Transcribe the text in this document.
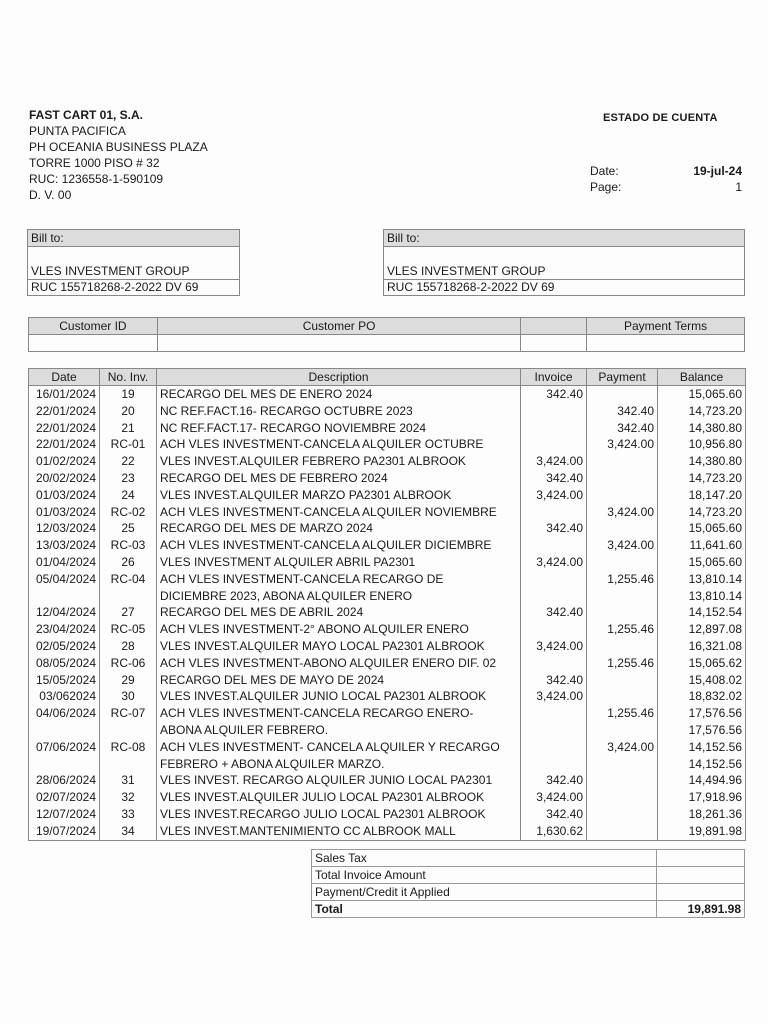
FAST CART 01, S.A.
PUNTA PACIFICA
PH OCEANIA BUSINESS PLAZA
TORRE 1000 PISO # 32
RUC: 1236558-1-590109
D. V. 00
ESTADO DE CUENTA
Date:	19-jul-24
Page:	1
Bill to:
VLES INVESTMENT GROUP
RUC 155718268-2-2022 DV 69
Bill to:
VLES INVESTMENT GROUP
RUC 155718268-2-2022 DV 69
Customer ID	Customer PO		Payment Terms

Date	No. Inv.	Description	Invoice	Payment	Balance
16/01/2024	19	RECARGO DEL MES DE ENERO 2024	342.40		15,065.60
22/01/2024	20	NC REF.FACT.16- RECARGO OCTUBRE 2023		342.40	14,723.20
22/01/2024	21	NC REF.FACT.17- RECARGO NOVIEMBRE 2024		342.40	14,380.80
22/01/2024	RC-01	ACH VLES INVESTMENT-CANCELA ALQUILER OCTUBRE		3,424.00	10,956.80
01/02/2024	22	VLES INVEST.ALQUILER FEBRERO PA2301 ALBROOK	3,424.00		14,380.80
20/02/2024	23	RECARGO DEL MES DE FEBRERO 2024	342.40		14,723.20
01/03/2024	24	VLES INVEST.ALQUILER MARZO PA2301 ALBROOK	3,424.00		18,147.20
01/03/2024	RC-02	ACH VLES INVESTMENT-CANCELA ALQUILER NOVIEMBRE		3,424.00	14,723.20
12/03/2024	25	RECARGO DEL MES DE MARZO 2024	342.40		15,065.60
13/03/2024	RC-03	ACH VLES INVESTMENT-CANCELA ALQUILER DICIEMBRE		3,424.00	11,641.60
01/04/2024	26	VLES INVESTMENT ALQUILER ABRIL PA2301	3,424.00		15,065.60
05/04/2024	RC-04	ACH VLES INVESTMENT-CANCELA RECARGO DE		1,255.46	13,810.14
		DICIEMBRE 2023, ABONA ALQUILER ENERO			13,810.14
12/04/2024	27	RECARGO DEL MES DE ABRIL 2024	342.40		14,152.54
23/04/2024	RC-05	ACH VLES INVESTMENT-2° ABONO ALQUILER ENERO		1,255.46	12,897.08
02/05/2024	28	VLES INVEST.ALQUILER MAYO LOCAL PA2301 ALBROOK	3,424.00		16,321.08
08/05/2024	RC-06	ACH VLES INVESTMENT-ABONO ALQUILER ENERO DIF. 02		1,255.46	15,065.62
15/05/2024	29	RECARGO DEL MES DE MAYO DE 2024	342.40		15,408.02
03/062024	30	VLES INVEST.ALQUILER JUNIO LOCAL PA2301 ALBROOK	3,424.00		18,832.02
04/06/2024	RC-07	ACH VLES INVESTMENT-CANCELA RECARGO ENERO-		1,255.46	17,576.56
		ABONA ALQUILER FEBRERO.			17,576.56
07/06/2024	RC-08	ACH VLES INVESTMENT- CANCELA ALQUILER Y RECARGO		3,424.00	14,152.56
		FEBRERO + ABONA ALQUILER MARZO.			14,152.56
28/06/2024	31	VLES INVEST. RECARGO ALQUILER JUNIO LOCAL PA2301	342.40		14,494.96
02/07/2024	32	VLES INVEST.ALQUILER JULIO LOCAL PA2301 ALBROOK	3,424.00		17,918.96
12/07/2024	33	VLES INVEST.RECARGO JULIO LOCAL PA2301 ALBROOK	342.40		18,261.36
19/07/2024	34	VLES INVEST.MANTENIMIENTO CC ALBROOK MALL	1,630.62		19,891.98
Sales Tax	
Total Invoice Amount	
Payment/Credit it Applied	
Total	19,891.98
